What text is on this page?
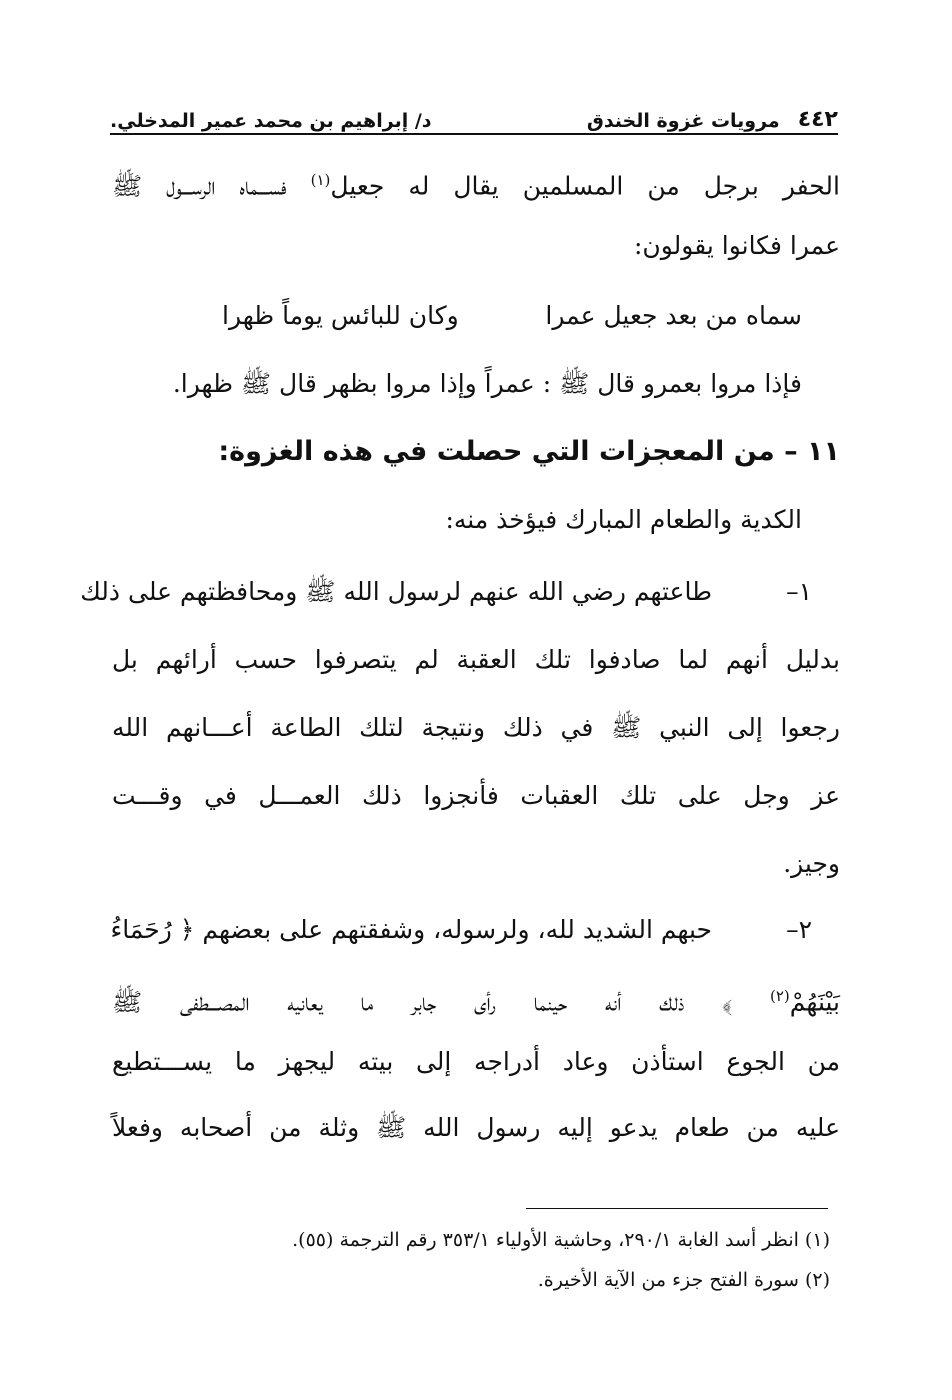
٤٤٢
مرويات غزوة الخندق
د/ إبراهيم بن محمد عمير المدخلي.
الحفر برجل من المسلمين يقال له جعيل$^{(١)}$ فســـماه الرســـول ﷺ
عمرا فكانوا يقولون:
سماه من بعد جعيل عمرا
وكان للبائس يوماً ظهرا
فإذا مروا بعمرو قال ﷺ : عمراً وإذا مروا بظهر قال ﷺ ظهرا.
١١ – من المعجزات التي حصلت في هذه الغزوة:
الكدية والطعام المبارك فيؤخذ منه:
١–
طاعتهم رضي الله عنهم لرسول الله ﷺ ومحافظتهم على ذلك
بدليل أنهم لما صادفوا تلك العقبة لم يتصرفوا حسب أرائهم بل
رجعوا إلى النبي ﷺ في ذلك ونتيجة لتلك الطاعة أعـــانهم الله
عز وجل على تلك العقبات فأنجزوا ذلك العمـــل في وقـــت
وجيز.
٢–
حبهم الشديد لله، ولرسوله، وشفقتهم على بعضهم ﴿ رُحَمَاءُ
بَيْنَهُمْ$^{(٢)}$ ﴾ ذلك أنه حينما رأى جابر ما يعانيه المصـــطفى ﷺ
من الجوع استأذن وعاد أدراجه إلى بيته ليجهز ما يســـتطيع
عليه من طعام يدعو إليه رسول الله ﷺ وثلة من أصحابه وفعلاً
(١) انظر أسد الغابة ٢٩٠/١، وحاشية الأولياء ٣٥٣/١ رقم الترجمة (٥٥).
(٢) سورة الفتح جزء من الآية الأخيرة.
